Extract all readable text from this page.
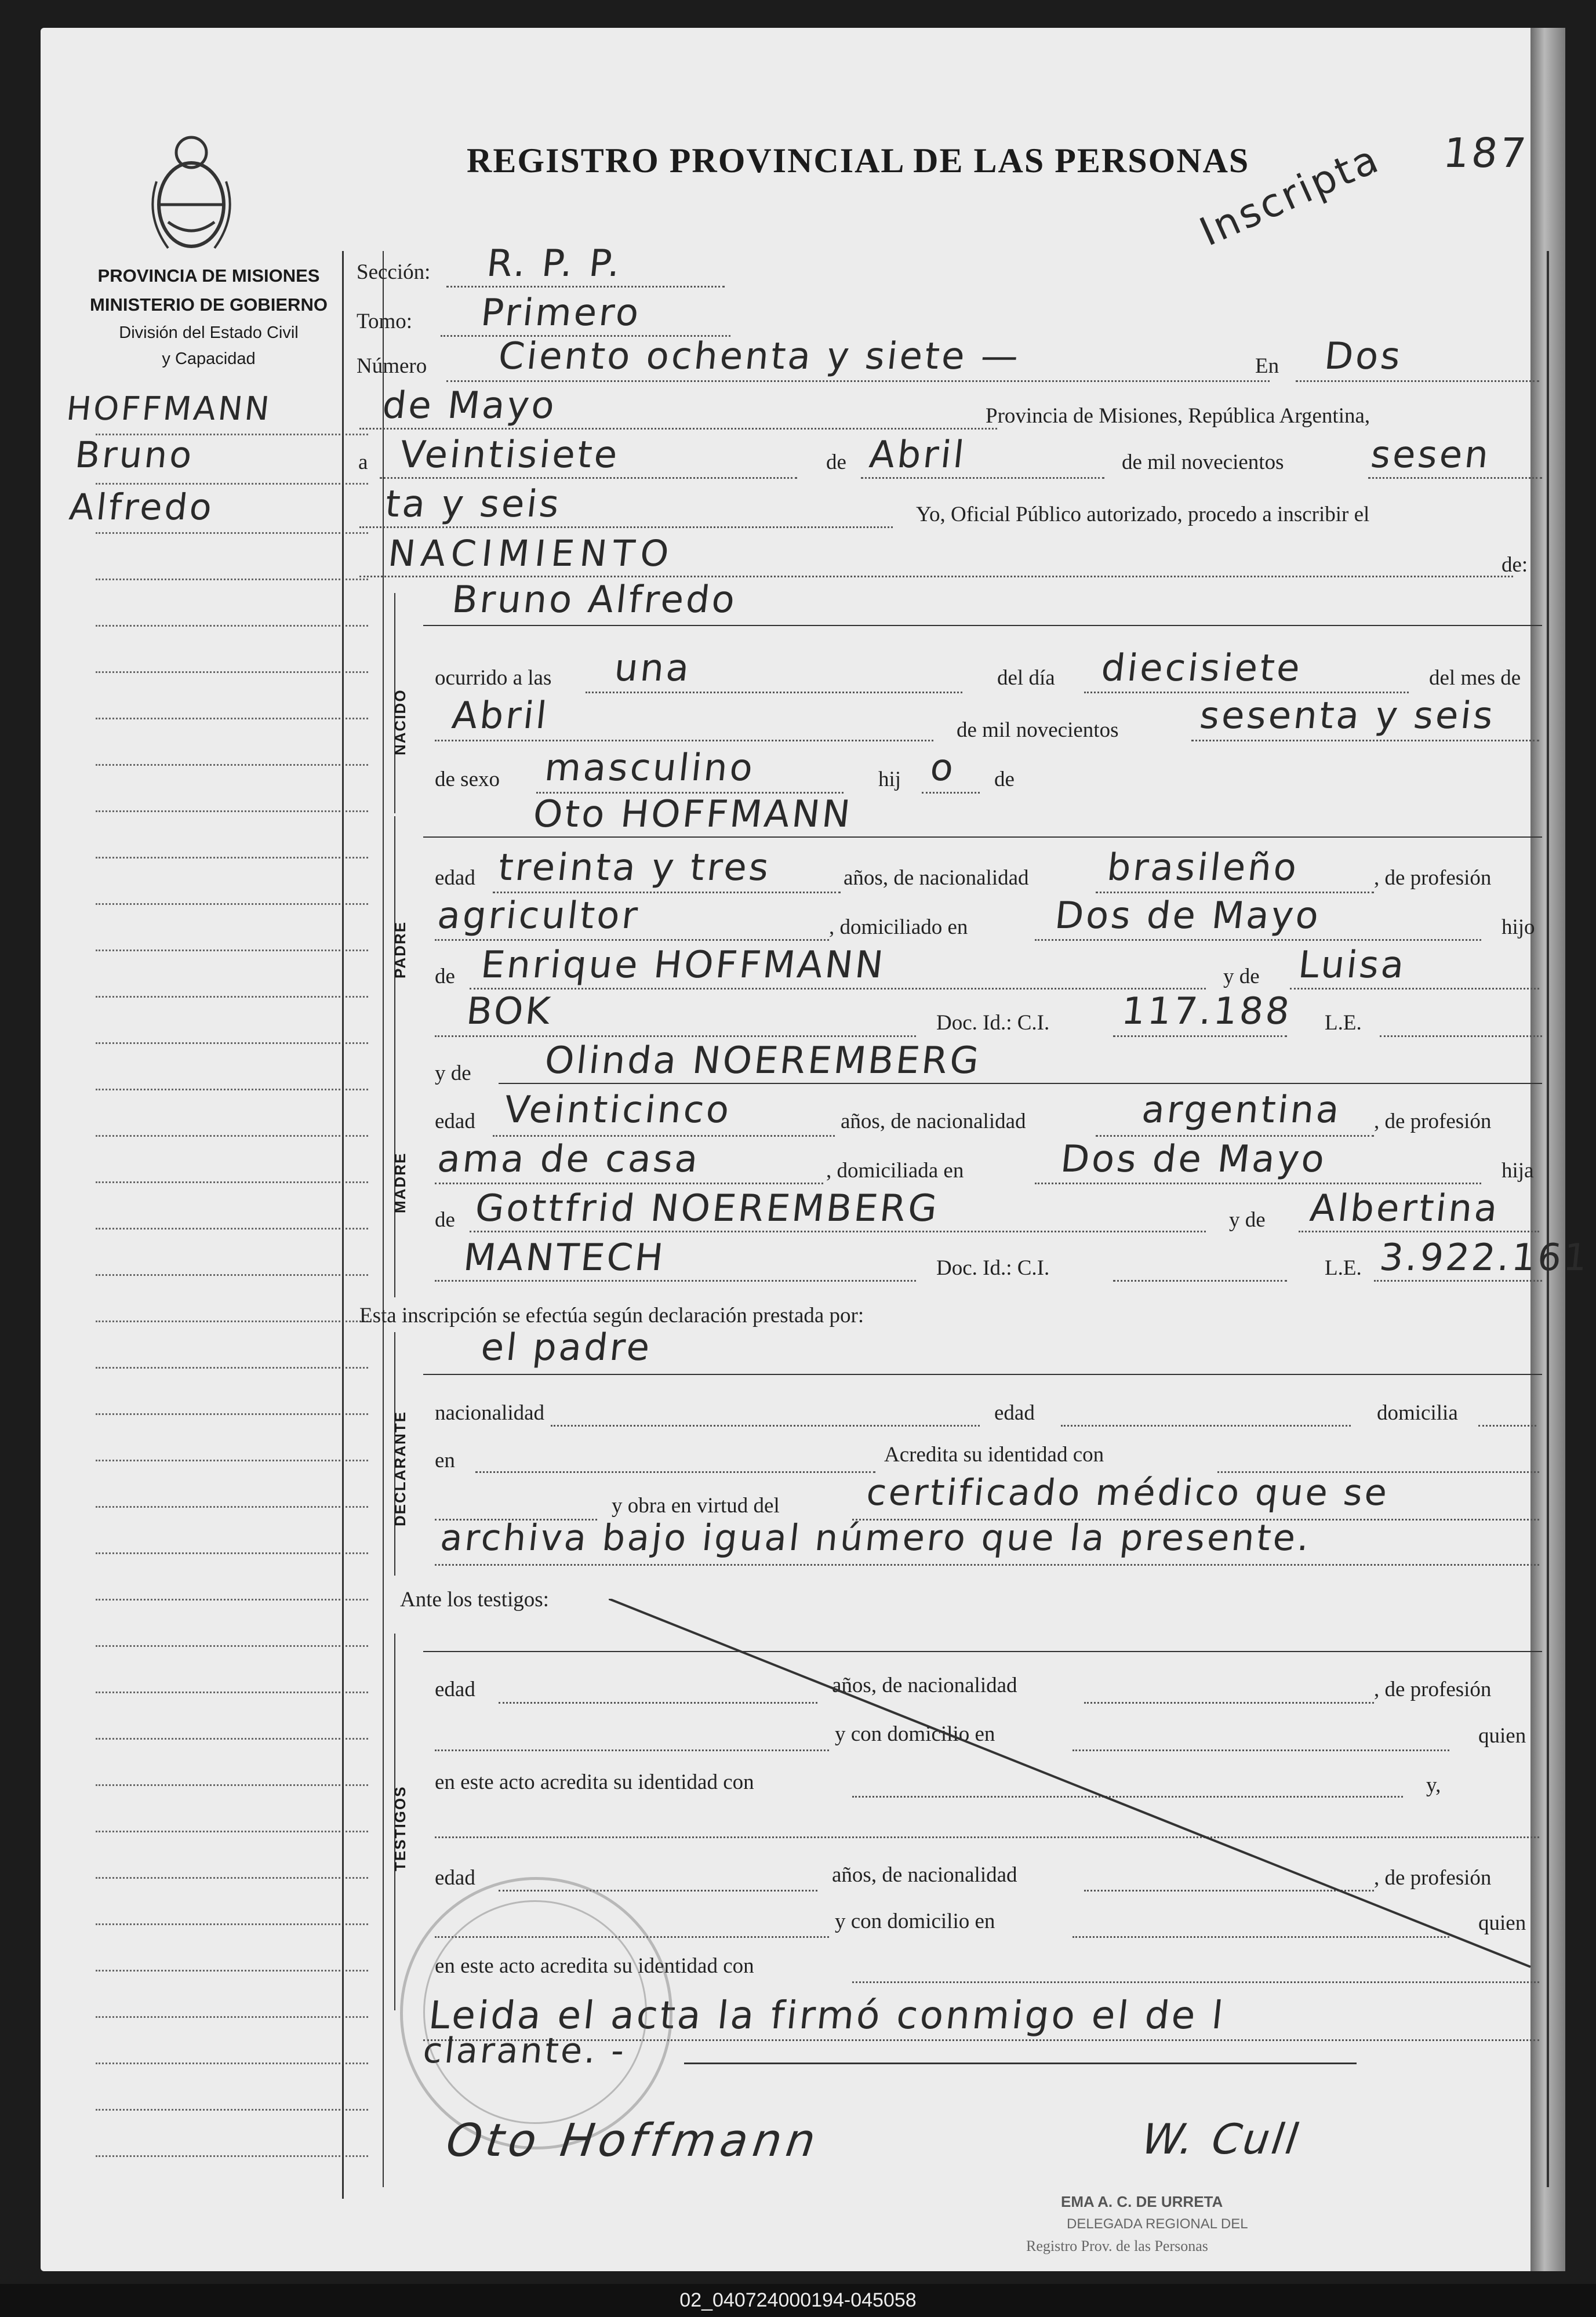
PROVINCIA DE MISIONES
MINISTERIO DE GOBIERNO
División del Estado Civil
y Capacidad
HOFFMANN
Bruno
Alfredo
REGISTRO PROVINCIAL DE LAS PERSONAS	187
Inscripta
Sección: R. P. P.
Tomo: Primero
Número Ciento ochenta y siete —	En Dos
de Mayo	Provincia de Misiones, República Argentina,
a Veintisiete	de Abril	de mil novecientos sesen
ta y seis	Yo, Oficial Público autorizado, procedo a inscribir el
NACIMIENTO	de:
NACIDO
Bruno Alfredo
ocurrido a las una	del día diecisiete	del mes de
Abril	de mil novecientos sesenta y seis
de sexo masculino	hij o de
PADRE
Oto HOFFMANN
edad treinta y tres	años, de nacionalidad brasileño	, de profesión
agricultor	, domiciliado en Dos de Mayo	hijo
de Enrique HOFFMANN	y de Luisa
BOK	Doc. Id.: C.I. 117.188 L.E.
MADRE
y de Olinda NOEREMBERG
edad Veinticinco	años, de nacionalidad	argentina , de profesión
ama de casa	, domiciliada en	Dos de Mayo	hija
de Gottfrid NOEREMBERG	y de Albertina
MANTECH	Doc. Id.: C.I.	L.E. 3.922.161
Esta inscripción se efectúa según declaración prestada por:
DECLARANTE
el padre
nacionalidad	edad	domicilia
en	Acredita su identidad con
y obra en virtud del certificado médico que se
archiva bajo igual número que la presente.
Ante los testigos:
TESTIGOS
edad	años, de nacionalidad	, de profesión
y con domicilio en	quien
en este acto acredita su identidad con	y,
edad	años, de nacionalidad	, de profesión
y con domicilio en	quien
en este acto acredita su identidad con
Leida el acta la firmó conmigo el de l
clarante. -
Oto Hoffmann	W. Cull
EMA A. C. DE URRETA
DELEGADA REGIONAL DEL
Registro Prov. de las Personas
02_040724000194-045058
